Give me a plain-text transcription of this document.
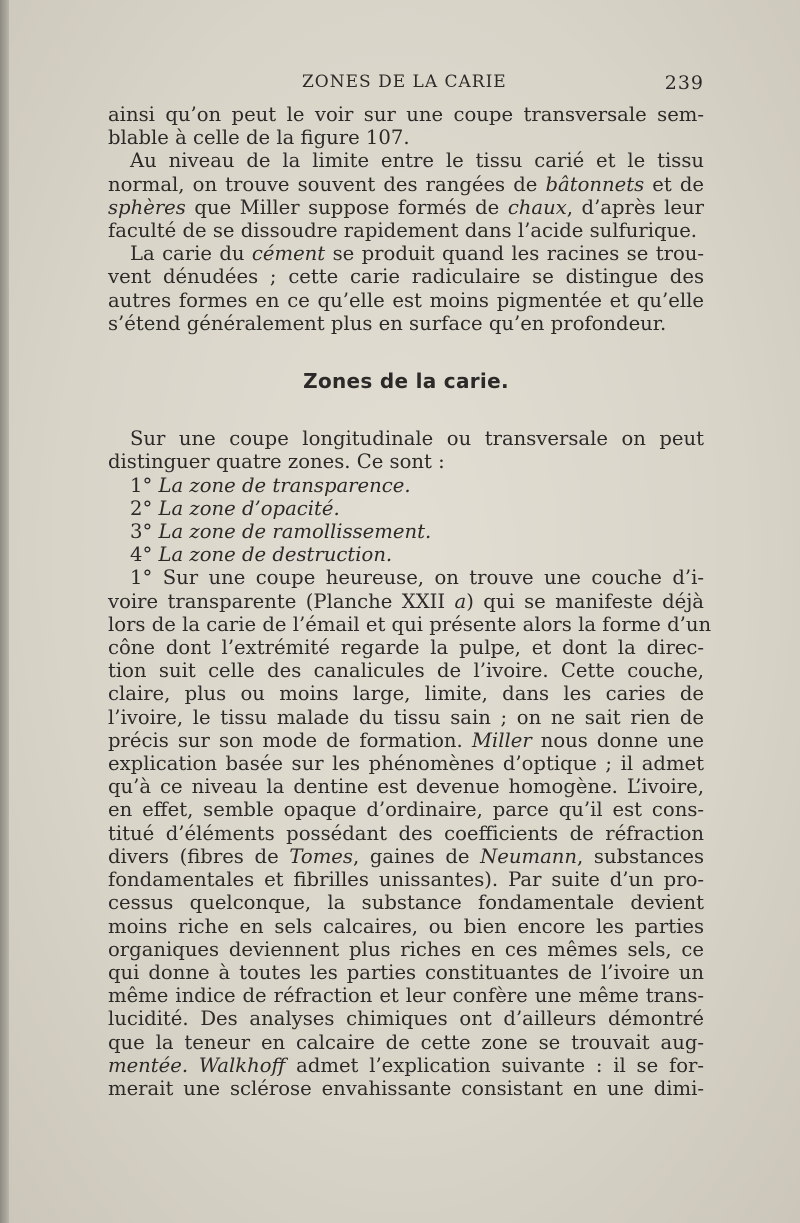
ZONES DE LA CARIE	239

ainsi qu’on peut le voir sur une coupe transversale sem-
blable à celle de la figure 107.

Au niveau de la limite entre le tissu carié et le tissu
normal, on trouve souvent des rangées de bâtonnets et de
sphères que Miller suppose formés de chaux, d’après leur
faculté de se dissoudre rapidement dans l’acide sulfurique.

La carie du cément se produit quand les racines se trou-
vent dénudées ; cette carie radiculaire se distingue des
autres formes en ce qu’elle est moins pigmentée et qu’elle
s’étend généralement plus en surface qu’en profondeur.

Zones de la carie.

Sur une coupe longitudinale ou transversale on peut
distinguer quatre zones. Ce sont :

1° La zone de transparence.
2° La zone d’opacité.
3° La zone de ramollissement.
4° La zone de destruction.

1° Sur une coupe heureuse, on trouve une couche d’i-
voire transparente (Planche XXII a) qui se manifeste déjà
lors de la carie de l’émail et qui présente alors la forme d’un
cône dont l’extrémité regarde la pulpe, et dont la direc-
tion suit celle des canalicules de l’ivoire. Cette couche,
claire, plus ou moins large, limite, dans les caries de
l’ivoire, le tissu malade du tissu sain ; on ne sait rien de
précis sur son mode de formation. Miller nous donne une
explication basée sur les phénomènes d’optique ; il admet
qu’à ce niveau la dentine est devenue homogène. L’ivoire,
en effet, semble opaque d’ordinaire, parce qu’il est cons-
titué d’éléments possédant des coefficients de réfraction
divers (fibres de Tomes, gaines de Neumann, substances
fondamentales et fibrilles unissantes). Par suite d’un pro-
cessus quelconque, la substance fondamentale devient
moins riche en sels calcaires, ou bien encore les parties
organiques deviennent plus riches en ces mêmes sels, ce
qui donne à toutes les parties constituantes de l’ivoire un
même indice de réfraction et leur confère une même trans-
lucidité. Des analyses chimiques ont d’ailleurs démontré
que la teneur en calcaire de cette zone se trouvait aug-
mentée. Walkhoff admet l’explication suivante : il se for-
merait une sclérose envahissante consistant en une dimi-
